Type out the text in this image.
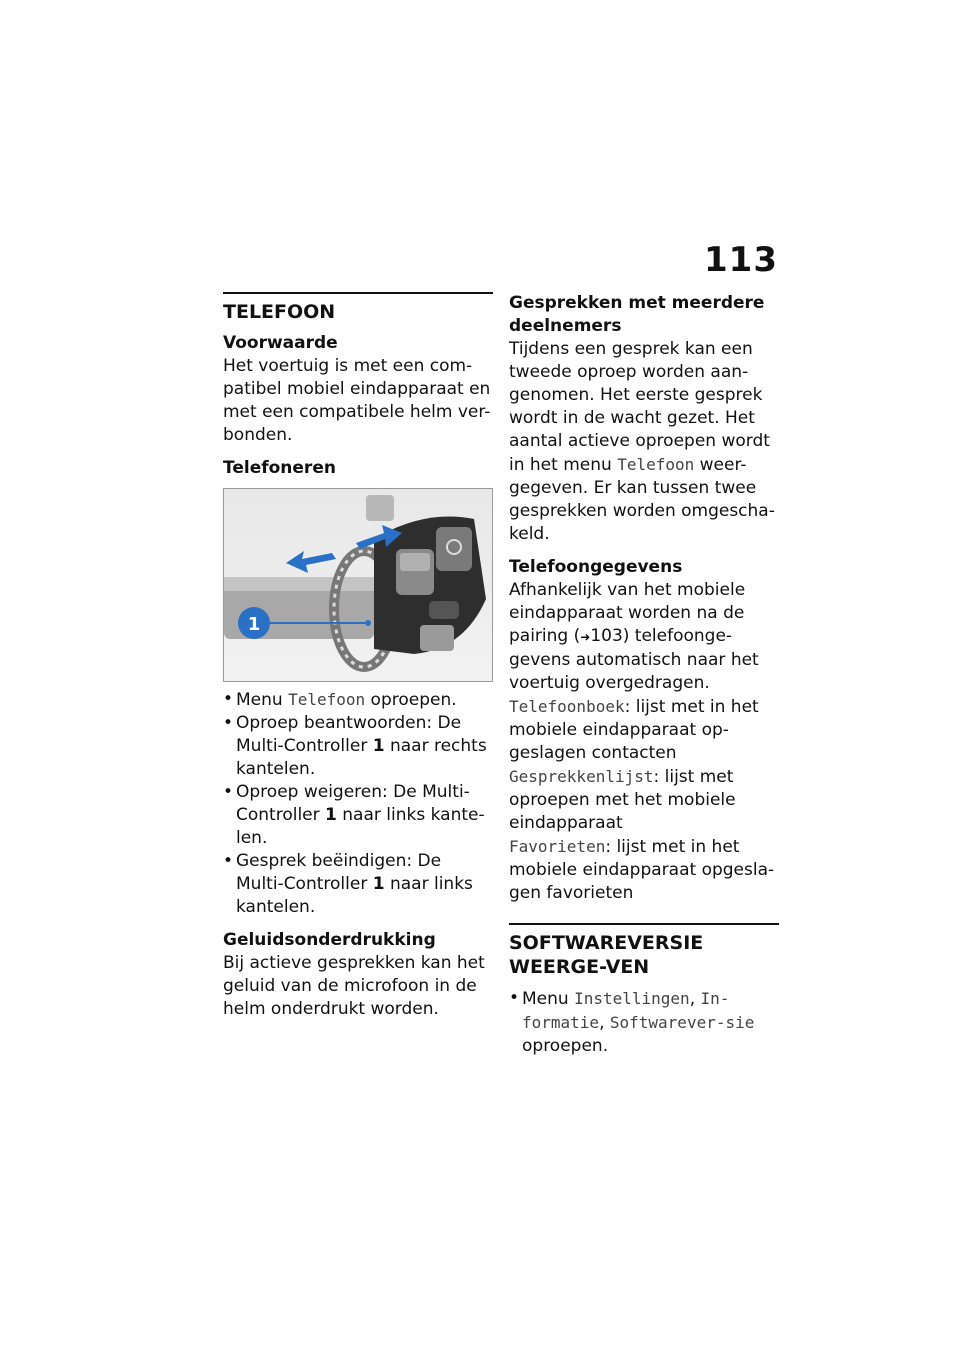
113
TELEFOON
Voorwaarde

Het voertuig is met een com-patibel mobiel eindapparaat en met een compatibele helm ver-bonden.

Telefoneren
1
• Menu Telefoon oproepen.
• Oproep beantwoorden: De Multi-Controller 1 naar rechts kantelen.
• Oproep weigeren: De Multi-Controller 1 naar links kante-len.
• Gesprek beëindigen: De Multi-Controller 1 naar links kantelen.
Geluidsonderdrukking

Bij actieve gesprekken kan het geluid van de microfoon in de helm onderdrukt worden.

Gesprekken met meerdere deelnemers

Tijdens een gesprek kan een tweede oproep worden aan-genomen. Het eerste gesprek wordt in de wacht gezet. Het aantal actieve oproepen wordt in het menu Telefoon weer-gegeven. Er kan tussen twee gesprekken worden omgescha-keld.

Telefoongegevens

Afhankelijk van het mobiele eindapparaat worden na de pairing (➜103) telefoonge-gevens automatisch naar het voertuig overgedragen.

Telefoonboek: lijst met in het mobiele eindapparaat op-geslagen contacten

Gesprekkenlijst: lijst met oproepen met het mobiele eindapparaat

Favorieten: lijst met in het mobiele eindapparaat opgesla-gen favorieten

SOFTWAREVERSIE WEERGE-VEN
• Menu Instellingen, In-formatie, Softwarever-sie oproepen.
